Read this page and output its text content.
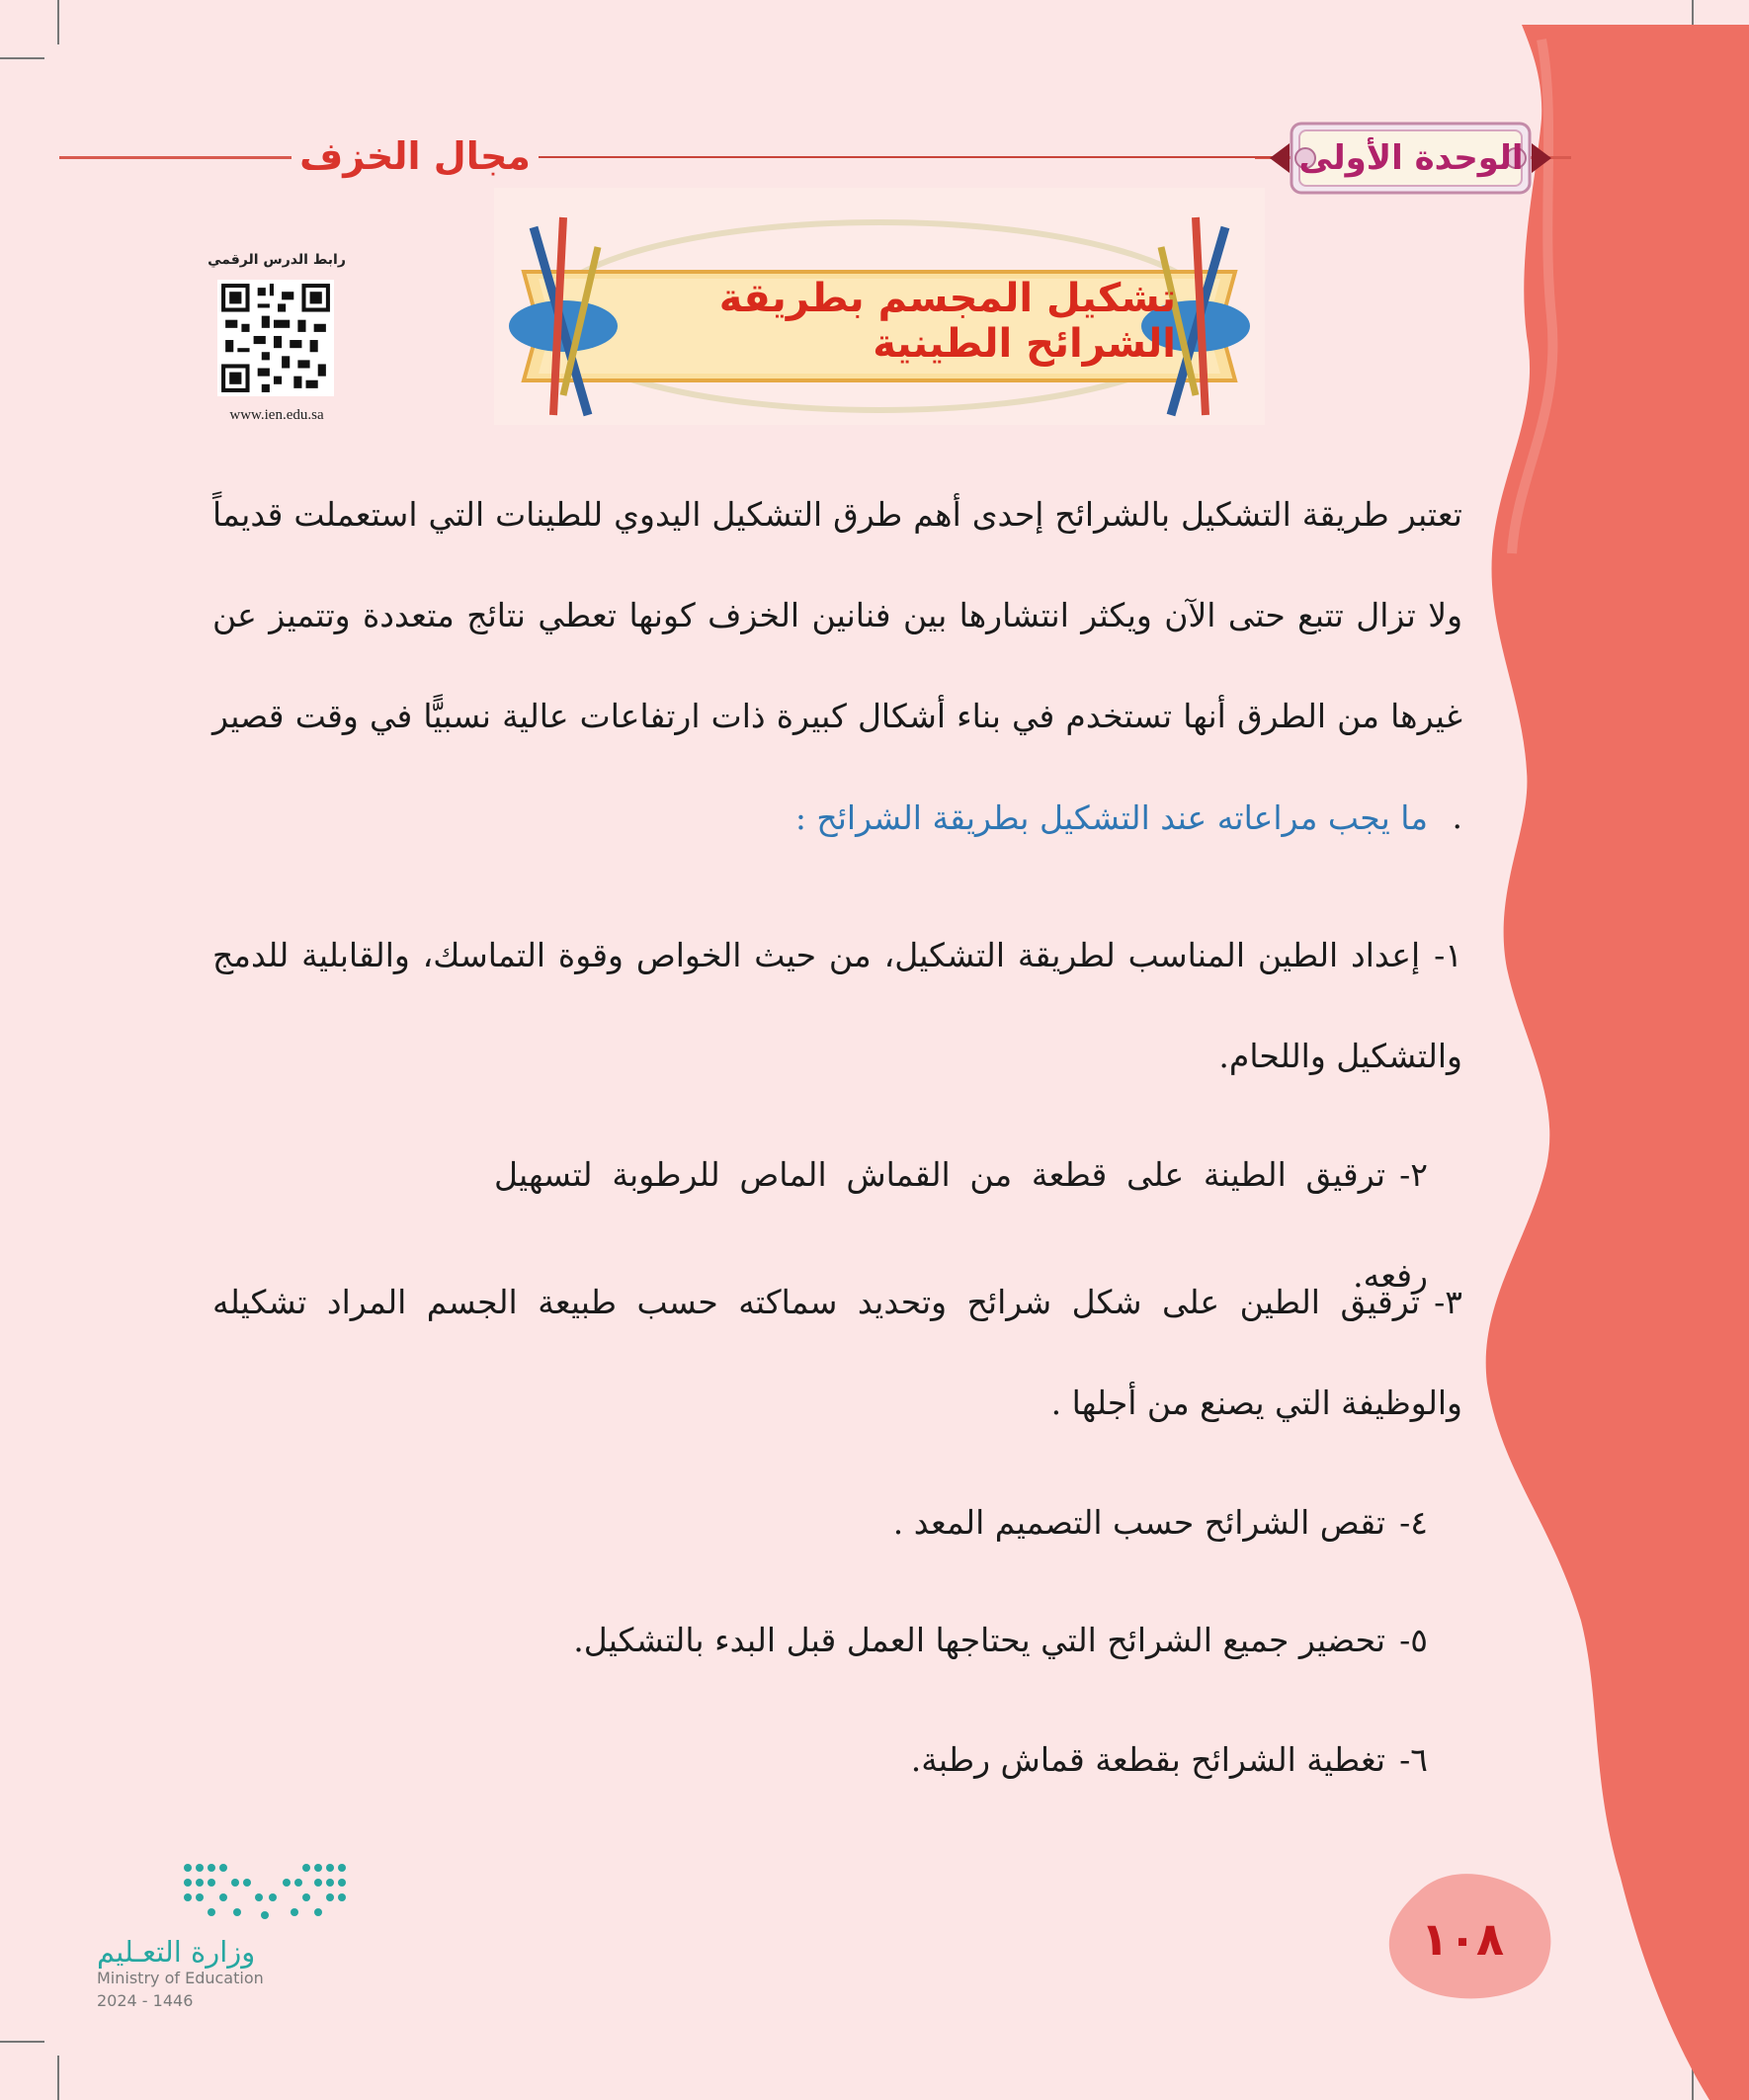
الوحدة الأولى
مجال الخزف
تشكيل المجسم بطريقة الشرائح الطينية
رابط الدرس الرقمي
www.ien.edu.sa

تعتبر طريقة التشكيل بالشرائح إحدى أهم طرق التشكيل اليدوي للطينات التي استعملت قديماً ولا تزال تتبع حتى الآن ويكثر انتشارها بين فنانين الخزف كونها تعطي نتائج متعددة وتتميز عن غيرها من الطرق أنها تستخدم في بناء أشكال كبيرة ذات ارتفاعات عالية نسبيًّا في وقت قصير .

ما يجب مراعاته عند التشكيل بطريقة الشرائح :
١-إعداد الطين المناسب لطريقة التشكيل، من حيث الخواص وقوة التماسك، والقابلية للدمج والتشكيل واللحام.
٢-ترقيق الطينة على قطعة من القماش الماص للرطوبة لتسهيل رفعه.
٣-ترقيق الطين على شكل شرائح وتحديد سماكته حسب طبيعة الجسم المراد تشكيله والوظيفة التي يصنع من أجلها .
٤-تقص الشرائح حسب التصميم المعد .
٥-تحضير جميع الشرائح التي يحتاجها العمل قبل البدء بالتشكيل.
٦-تغطية الشرائح بقطعة قماش رطبة.
١٠٨
وزارة التعـليم
Ministry of Education
2024 - 1446
